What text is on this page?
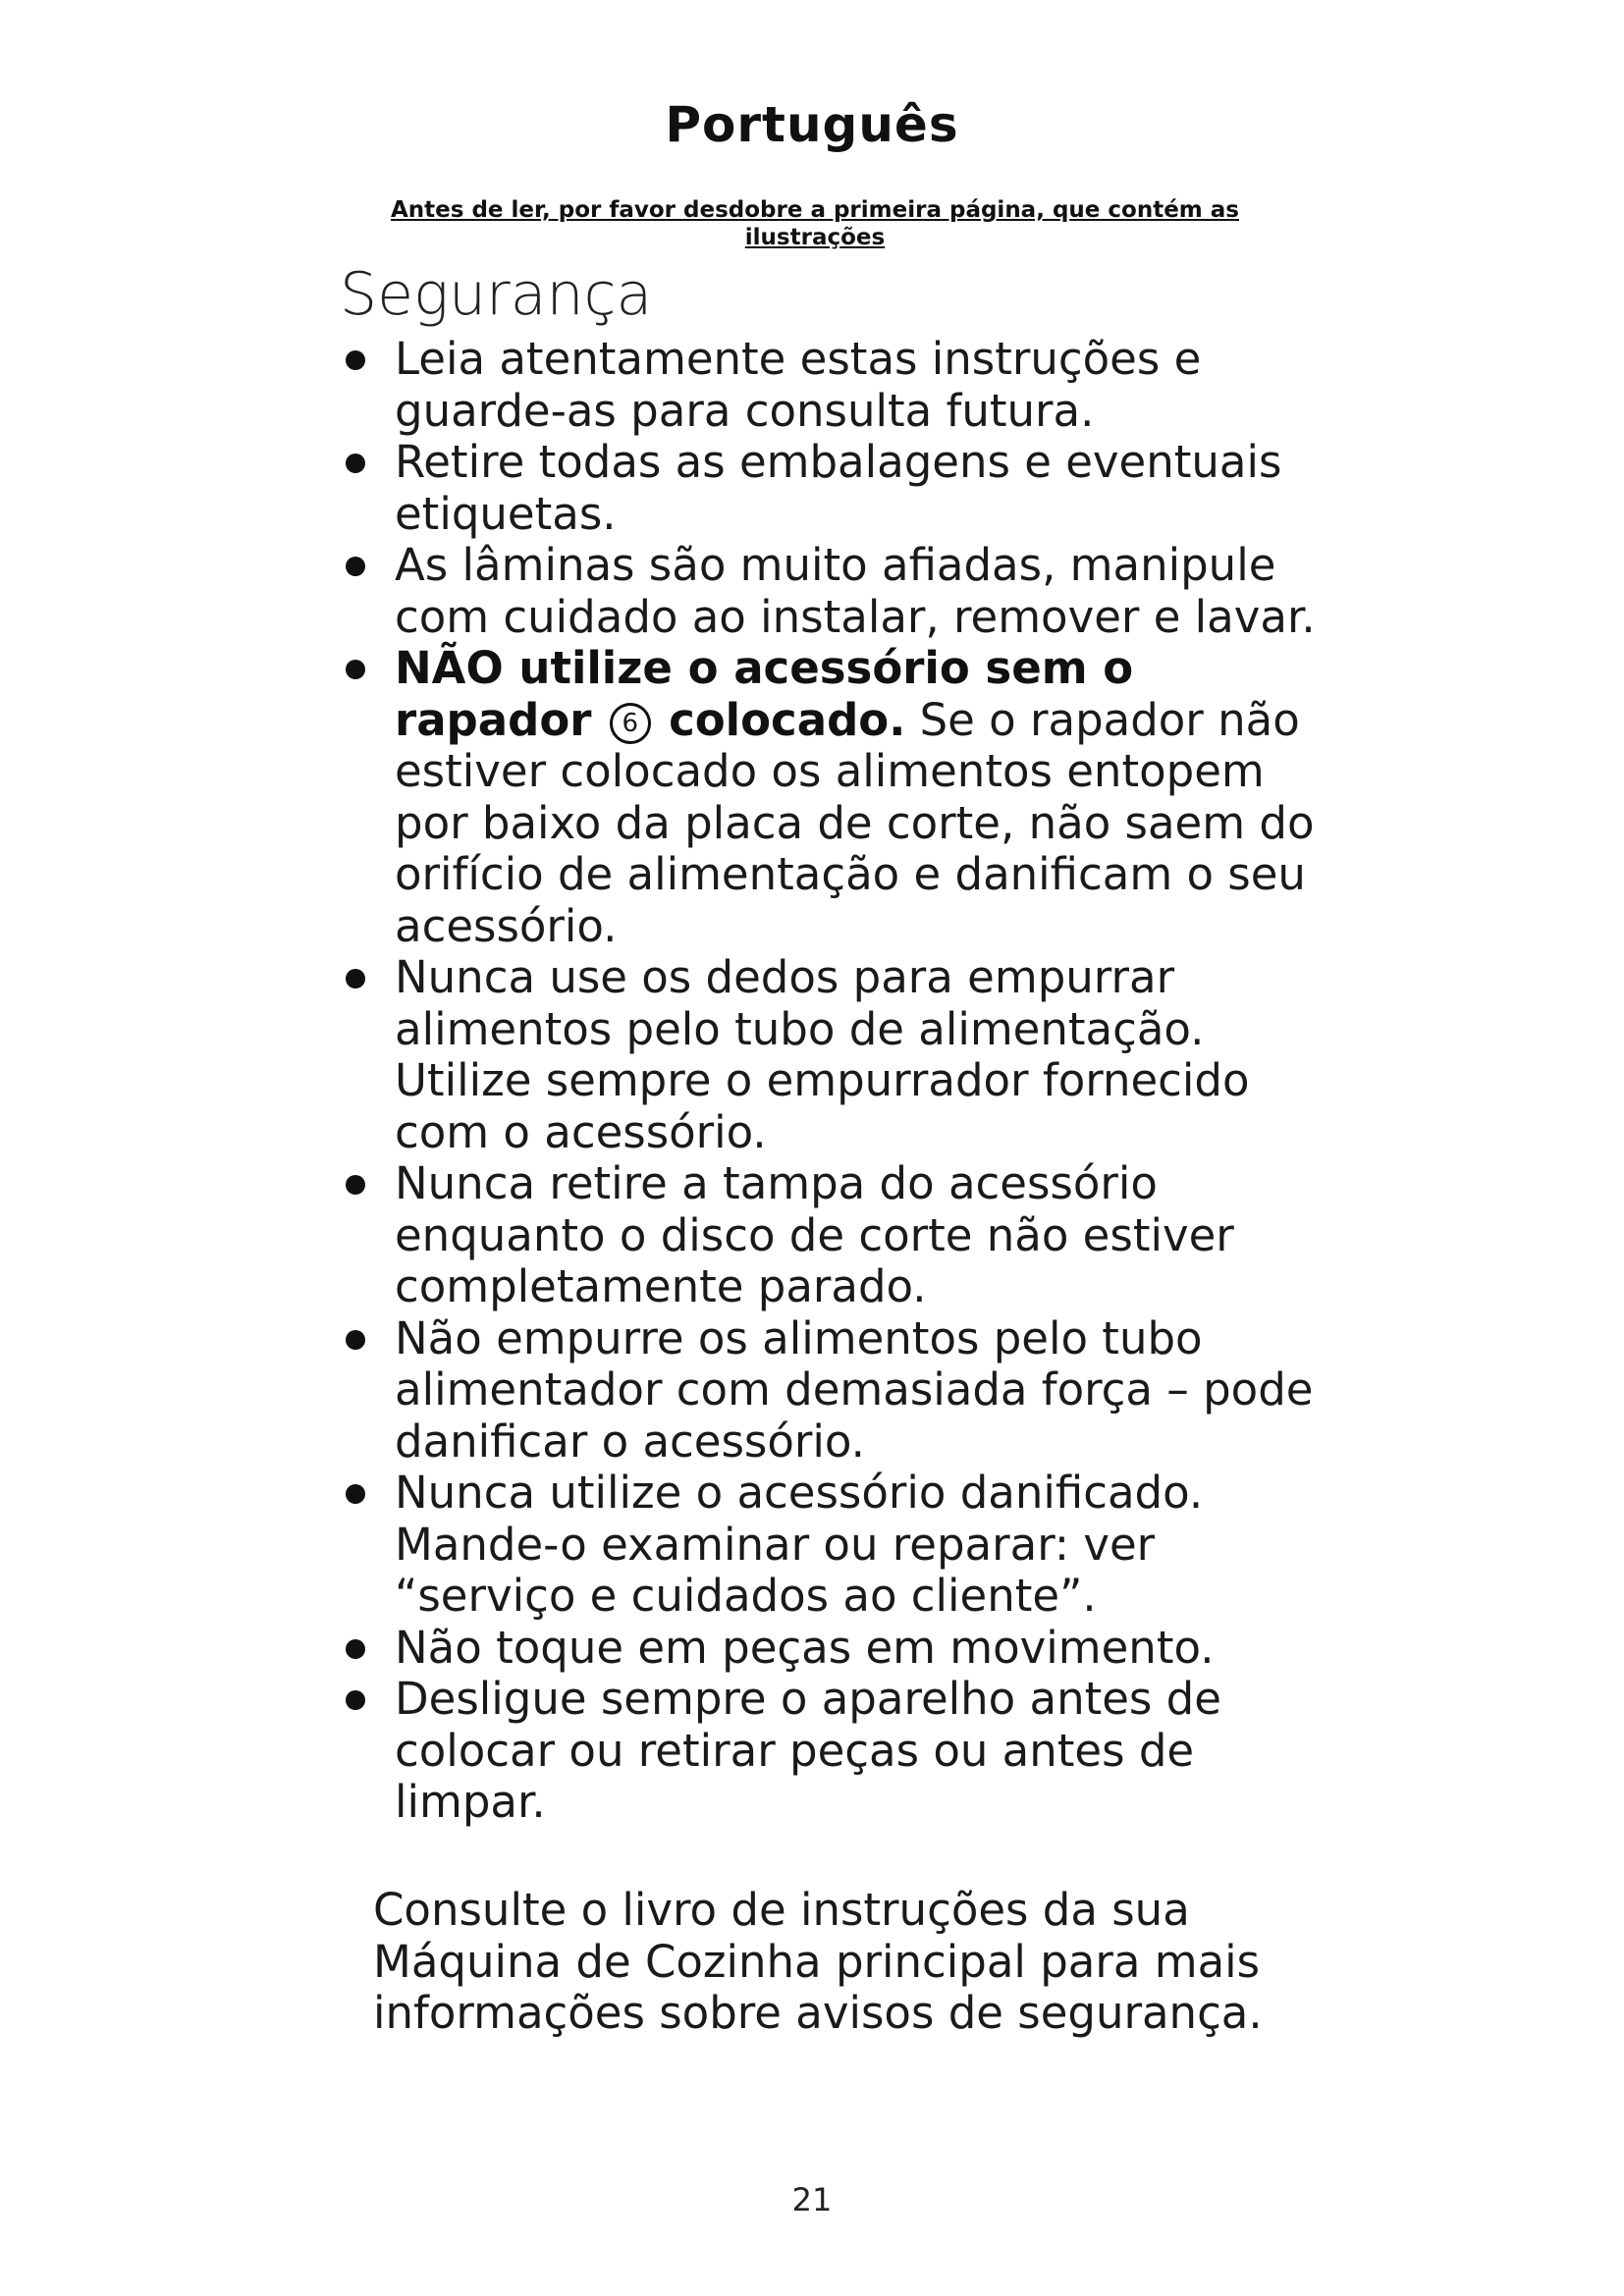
Português
Antes de ler, por favor desdobre a primeira página, que contém as ilustrações
Segurança
Leia atentamente estas instruções e guarde-as para consulta futura.
Retire todas as embalagens e eventuais etiquetas.
As lâminas são muito afiadas, manipule com cuidado ao instalar, remover e lavar.
NÃO utilize o acessório sem o rapador 6 colocado. Se o rapador não estiver colocado os alimentos entopem por baixo da placa de corte, não saem do orifício de alimentação e danificam o seu acessório.
Nunca use os dedos para empurrar alimentos pelo tubo de alimentação. Utilize sempre o empurrador fornecido com o acessório.
Nunca retire a tampa do acessório enquanto o disco de corte não estiver completamente parado.
Não empurre os alimentos pelo tubo alimentador com demasiada força – pode danificar o acessório.
Nunca utilize o acessório danificado. Mande-o examinar ou reparar: ver “serviço e cuidados ao cliente”.
Não toque em peças em movimento.
Desligue sempre o aparelho antes de colocar ou retirar peças ou antes de limpar.
Consulte o livro de instruções da sua Máquina de Cozinha principal para mais informações sobre avisos de segurança.
21
